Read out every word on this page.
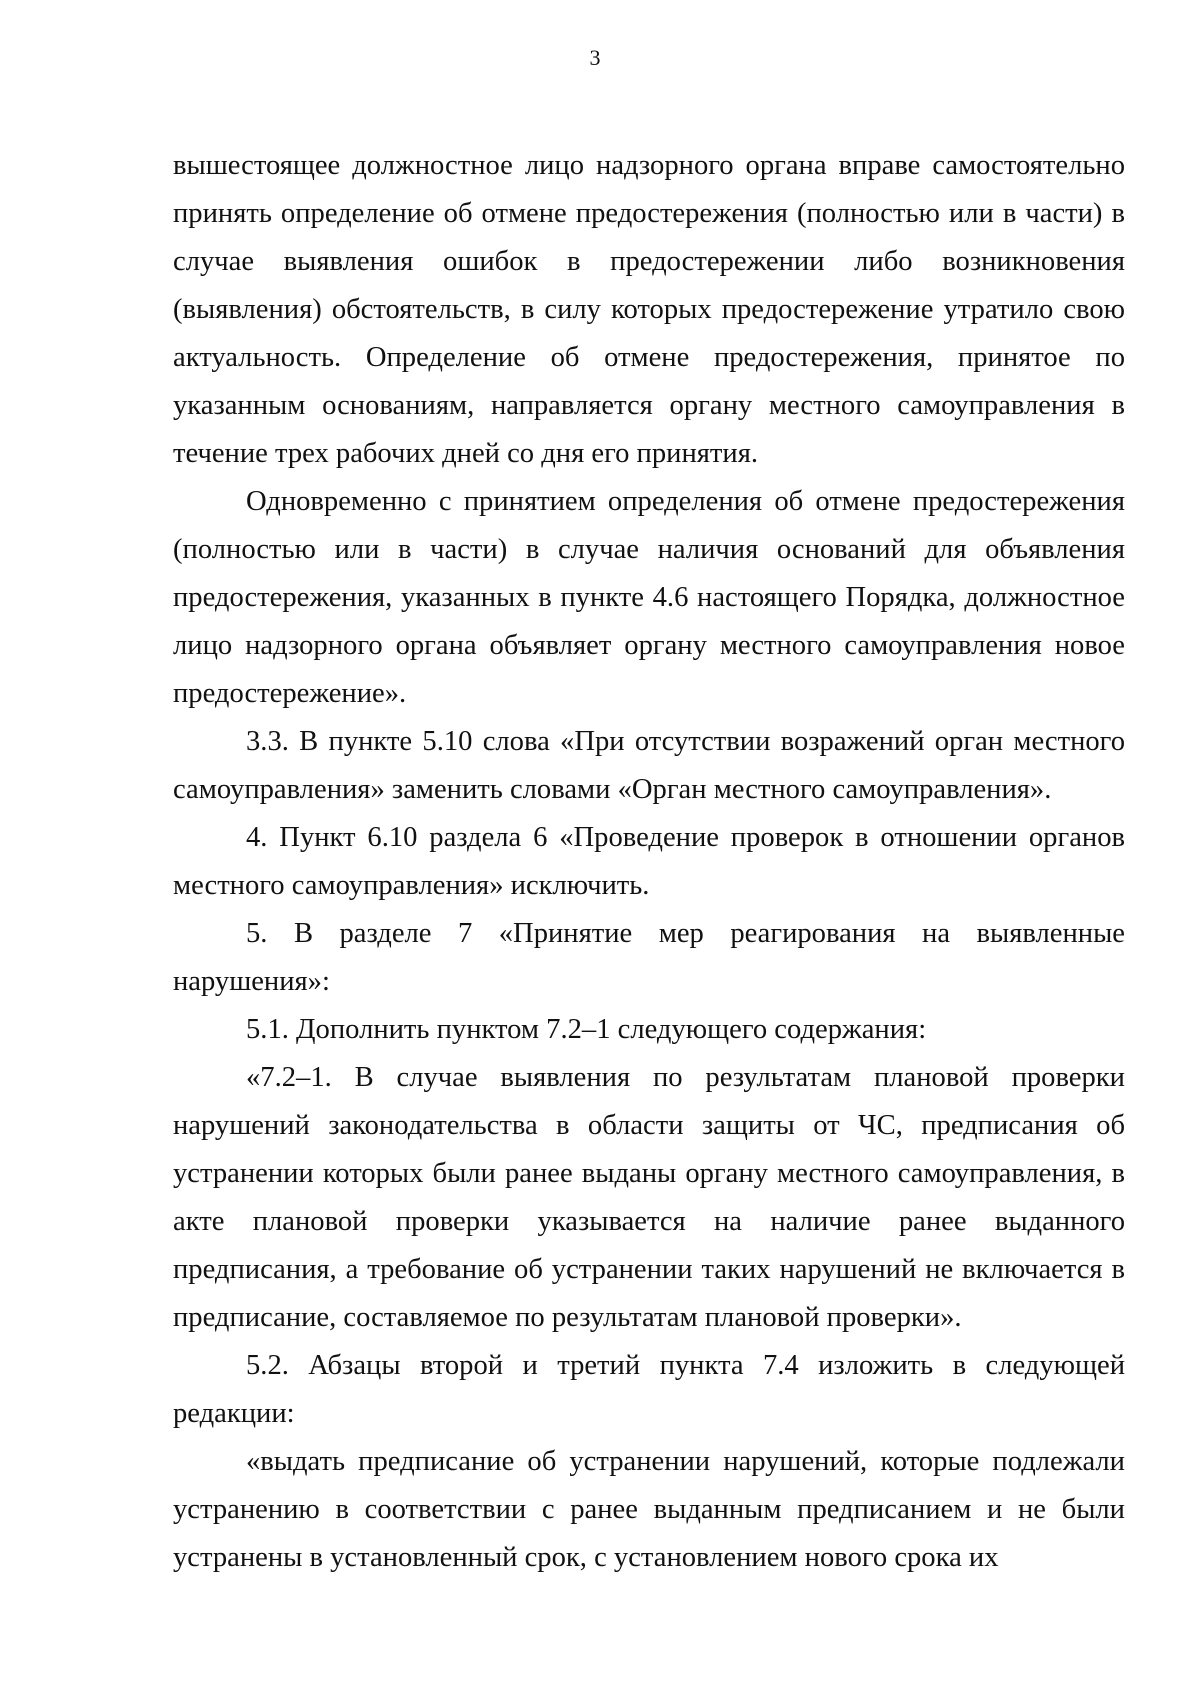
3

вышестоящее должностное лицо надзорного органа вправе самостоятельно принять определение об отмене предостережения (полностью или в части) в случае выявления ошибок в предостережении либо возникновения (выявления) обстоятельств, в силу которых предостережение утратило свою актуальность. Определение об отмене предостережения, принятое по указанным основаниям, направляется органу местного самоуправления в течение трех рабочих дней со дня его принятия.

Одновременно с принятием определения об отмене предостережения (полностью или в части) в случае наличия оснований для объявления предостережения, указанных в пункте 4.6 настоящего Порядка, должностное лицо надзорного органа объявляет органу местного самоуправления новое предостережение».

3.3. В пункте 5.10 слова «При отсутствии возражений орган местного самоуправления» заменить словами «Орган местного самоуправления».

4. Пункт 6.10 раздела 6 «Проведение проверок в отношении органов местного самоуправления» исключить.

5. В разделе 7 «Принятие мер реагирования на выявленные нарушения»:

5.1. Дополнить пунктом 7.2–1 следующего содержания:

«7.2–1. В случае выявления по результатам плановой проверки нарушений законодательства в области защиты от ЧС, предписания об устранении которых были ранее выданы органу местного самоуправления, в акте плановой проверки указывается на наличие ранее выданного предписания, а требование об устранении таких нарушений не включается в предписание, составляемое по результатам плановой проверки».

5.2. Абзацы второй и третий пункта 7.4 изложить в следующей редакции:

«выдать предписание об устранении нарушений, которые подлежали устранению в соответствии с ранее выданным предписанием и не были устранены в установленный срок, с установлением нового срока их
